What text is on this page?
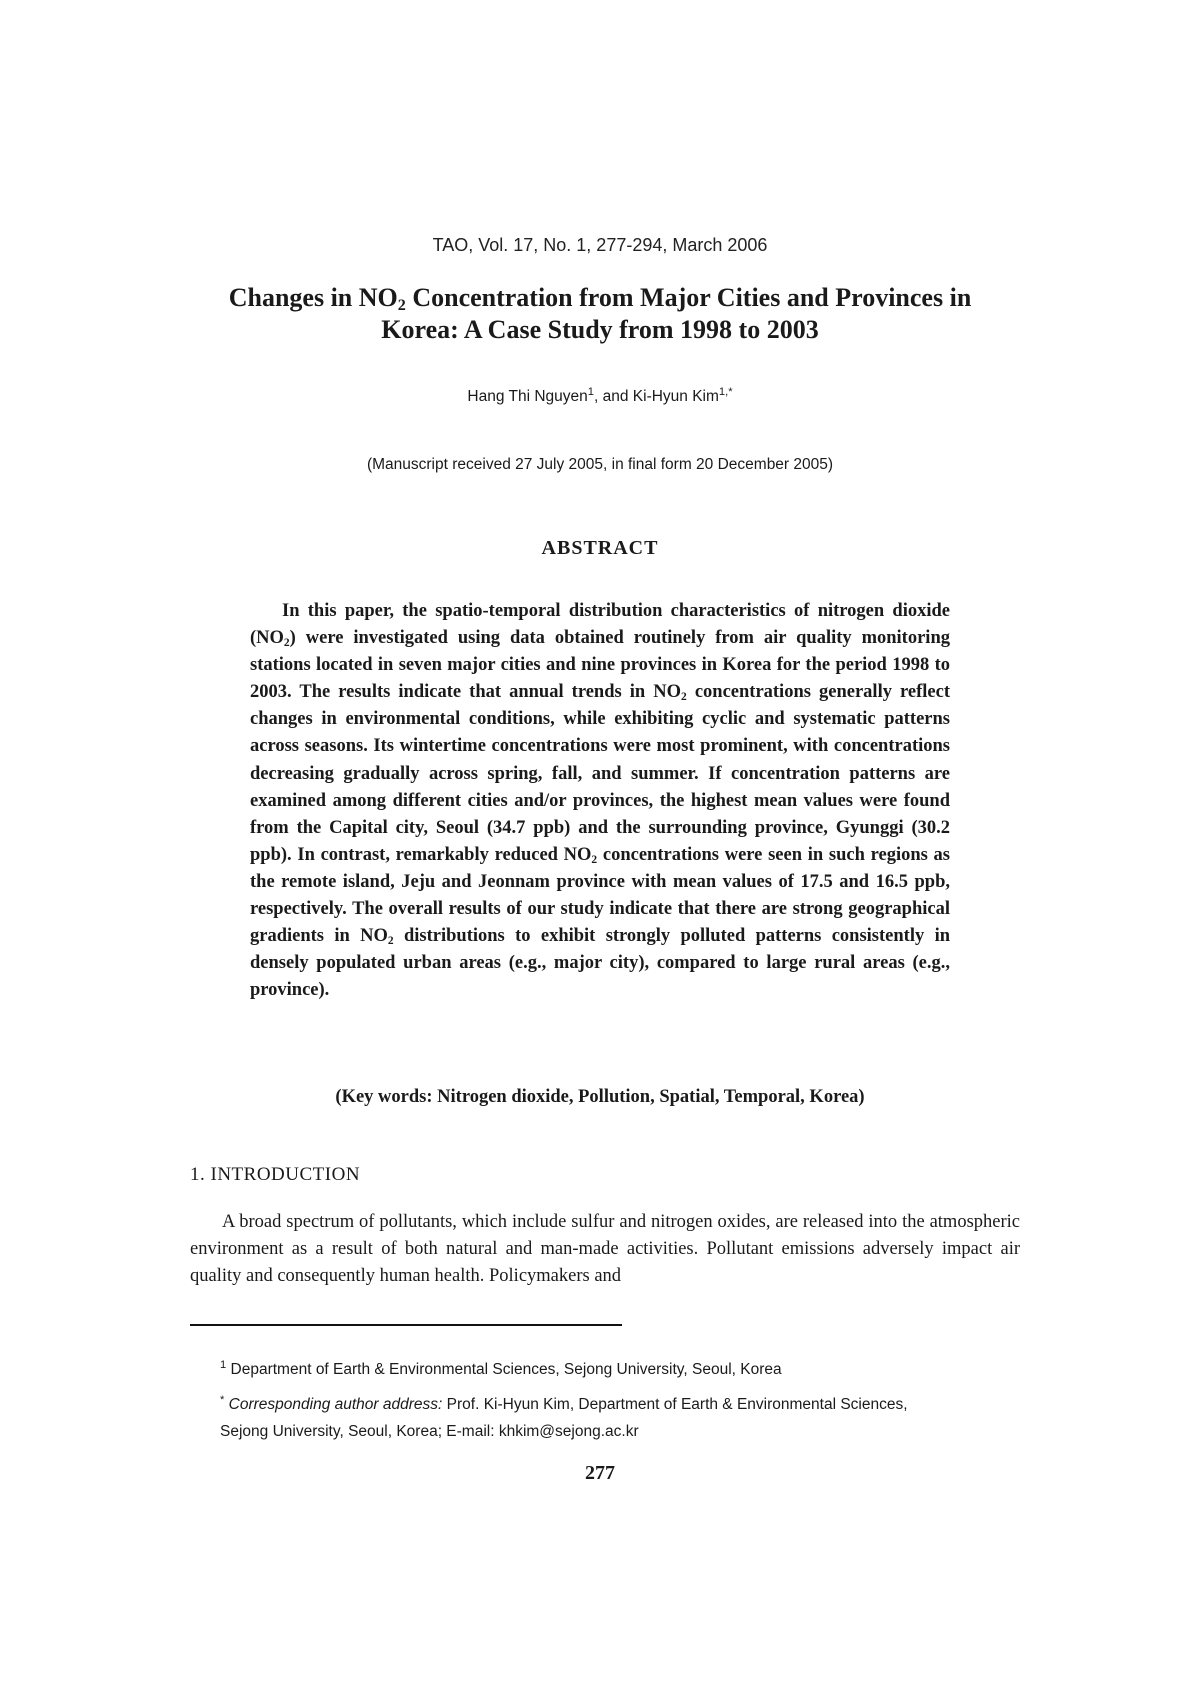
TAO, Vol. 17, No. 1, 277-294, March 2006
Changes in $NO_2$ Concentration from Major Cities and Provinces in
Korea: A Case Study from 1998 to 2003
Hang Thi Nguyen$^1$, and Ki-Hyun Kim$^{1,*}$
(Manuscript received 27 July 2005, in final form 20 December 2005)
ABSTRACT

In this paper, the spatio-temporal distribution characteristics of nitrogen dioxide $(NO_2)$ were investigated using data obtained routinely from air quality monitoring stations located in seven major cities and nine provinces in Korea for the period 1998 to 2003. The results indicate that annual trends in $NO_2$ concentrations generally reflect changes in environmental conditions, while exhibiting cyclic and systematic patterns across seasons. Its wintertime concentrations were most prominent, with concentrations decreasing gradually across spring, fall, and summer. If concentration patterns are examined among different cities and/or provinces, the highest mean values were found from the Capital city, Seoul (34.7 ppb) and the surrounding province, Gyunggi (30.2 ppb). In contrast, remarkably reduced $NO_2$ concentrations were seen in such regions as the remote island, Jeju and Jeonnam province with mean values of 17.5 and 16.5 ppb, respectively. The overall results of our study indicate that there are strong geographical gradients in $NO_2$ distributions to exhibit strongly polluted patterns consistently in densely populated urban areas (e.g., major city), compared to large rural areas (e.g., province).

(Key words: Nitrogen dioxide, Pollution, Spatial, Temporal, Korea)
1. INTRODUCTION

A broad spectrum of pollutants, which include sulfur and nitrogen oxides, are released into the atmospheric environment as a result of both natural and man-made activities. Pollutant emissions adversely impact air quality and consequently human health. Policymakers and

$^1$ Department of Earth & Environmental Sciences, Sejong University, Seoul, Korea
* Corresponding author address: Prof. Ki-Hyun Kim, Department of Earth & Environmental Sciences,
Sejong University, Seoul, Korea; E-mail: khkim@sejong.ac.kr
277
